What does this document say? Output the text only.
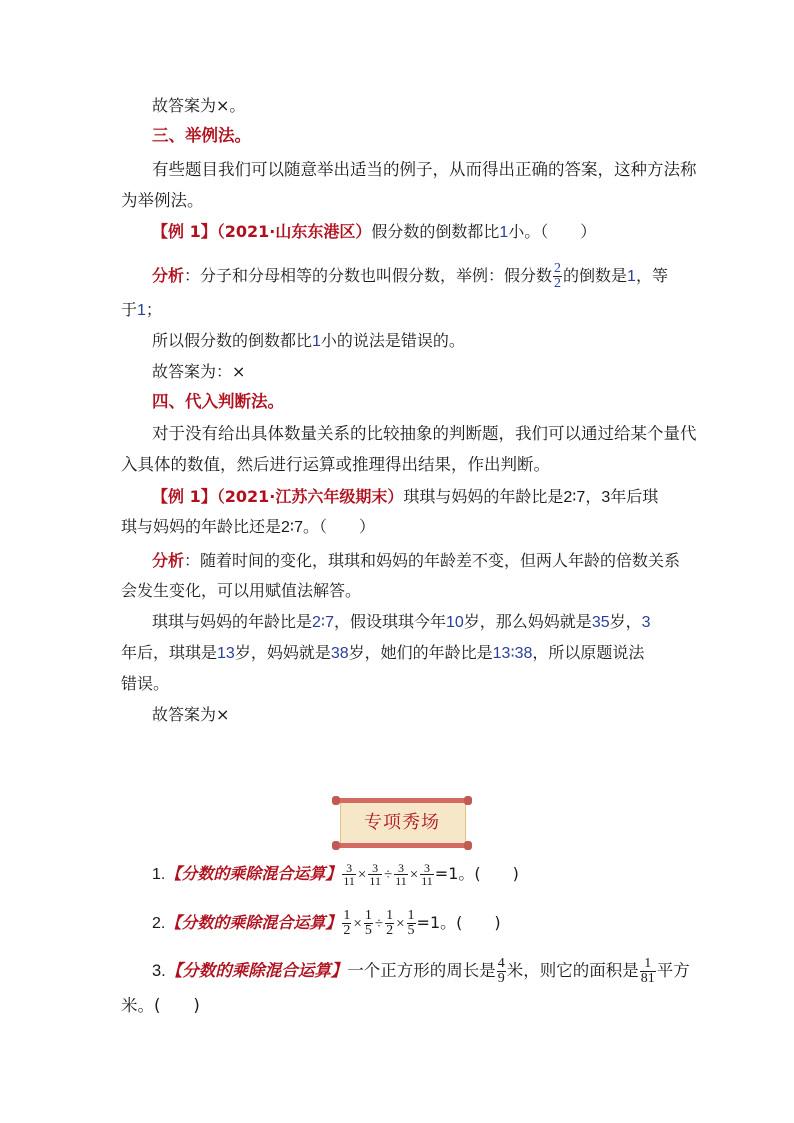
故答案为×。
三、举例法。
有些题目我们可以随意举出适当的例子，从而得出正确的答案，这种方法称
为举例法。
【例 1】（2021·山东东港区）假分数的倒数都比1小。（　　）
分析：分子和分母相等的分数也叫假分数，举例：假分数 $\frac{2}{2}$ 的倒数是1，等
于1；
所以假分数的倒数都比1小的说法是错误的。
故答案为：×
四、代入判断法。
对于没有给出具体数量关系的比较抽象的判断题，我们可以通过给某个量代
入具体的数值，然后进行运算或推理得出结果，作出判断。
【例 1】（2021·江苏六年级期末）琪琪与妈妈的年龄比是2∶7，3年后琪
琪与妈妈的年龄比还是2∶7。（　　）
分析：随着时间的变化，琪琪和妈妈的年龄差不变，但两人年龄的倍数关系
会发生变化，可以用赋值法解答。
琪琪与妈妈的年龄比是2∶7，假设琪琪今年10岁，那么妈妈就是35岁，3
年后，琪琪是13岁，妈妈就是38岁，她们的年龄比是13∶38，所以原题说法
错误。
故答案为×
专项秀场
1.【分数的乘除混合运算】 $\frac{3}{11} \times \frac{3}{11} \div \frac{3}{11} \times \frac{3}{11} =1$。(　　)
2.【分数的乘除混合运算】 $\frac{1}{2} \times \frac{1}{5} \div \frac{1}{2} \times \frac{1}{5} =1$。(　　)
3.【分数的乘除混合运算】一个正方形的周长是 $\frac{4}{9}$ 米，则它的面积是 $\frac{1}{81}$ 平方
米。(　　)
